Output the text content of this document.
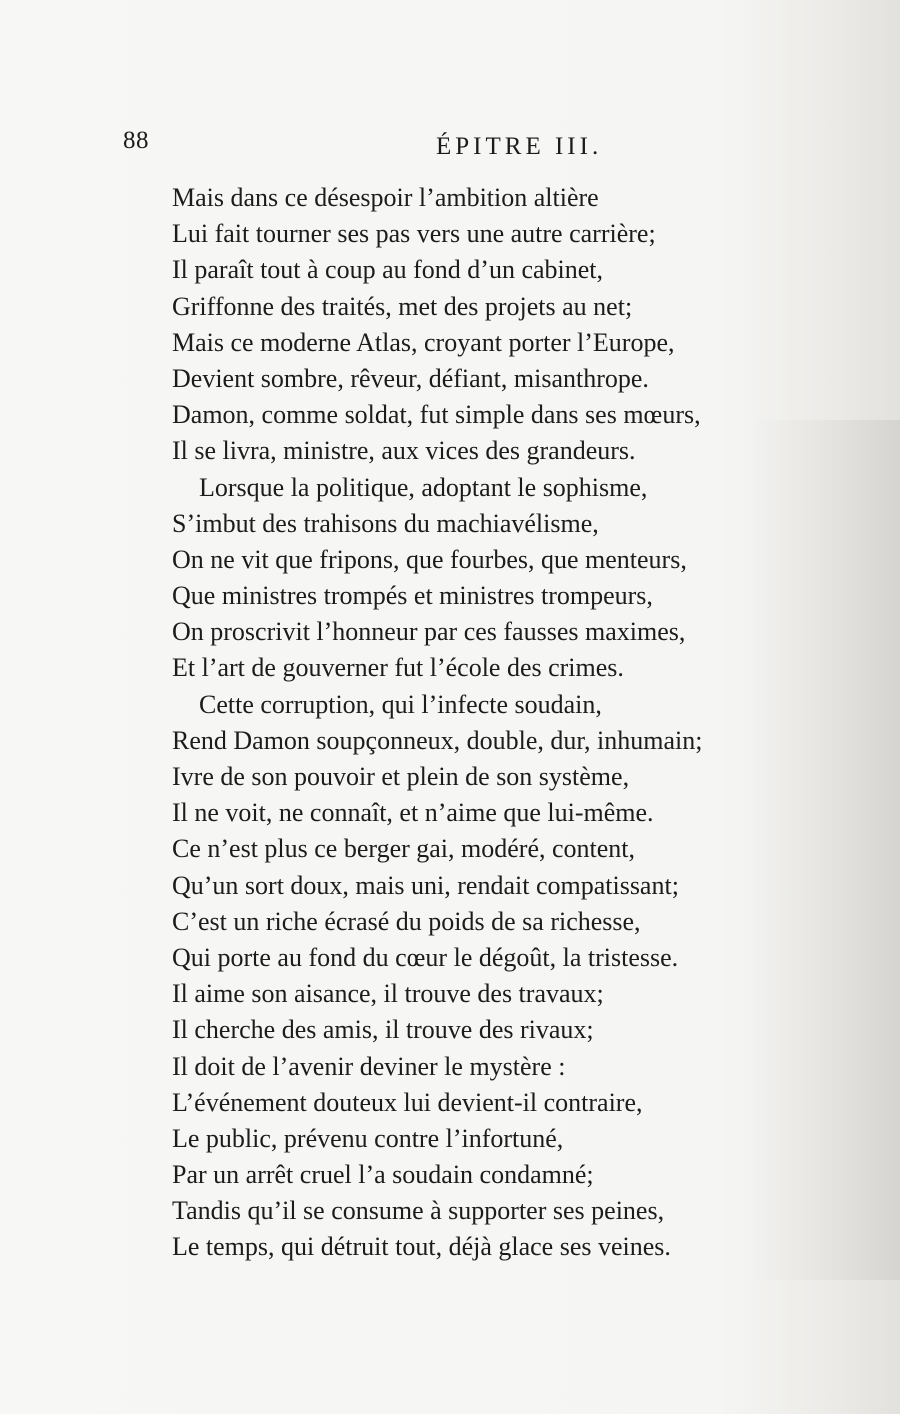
88	ÉPITRE III.
Mais dans ce désespoir l’ambition altière
Lui fait tourner ses pas vers une autre carrière;
Il paraît tout à coup au fond d’un cabinet,
Griffonne des traités, met des projets au net;
Mais ce moderne Atlas, croyant porter l’Europe,
Devient sombre, rêveur, défiant, misanthrope.
Damon, comme soldat, fut simple dans ses mœurs,
Il se livra, ministre, aux vices des grandeurs.
Lorsque la politique, adoptant le sophisme,
S’imbut des trahisons du machiavélisme,
On ne vit que fripons, que fourbes, que menteurs,
Que ministres trompés et ministres trompeurs,
On proscrivit l’honneur par ces fausses maximes,
Et l’art de gouverner fut l’école des crimes.
Cette corruption, qui l’infecte soudain,
Rend Damon soupçonneux, double, dur, inhumain;
Ivre de son pouvoir et plein de son système,
Il ne voit, ne connaît, et n’aime que lui-même.
Ce n’est plus ce berger gai, modéré, content,
Qu’un sort doux, mais uni, rendait compatissant;
C’est un riche écrasé du poids de sa richesse,
Qui porte au fond du cœur le dégoût, la tristesse.
Il aime son aisance, il trouve des travaux;
Il cherche des amis, il trouve des rivaux;
Il doit de l’avenir deviner le mystère :
L’événement douteux lui devient-il contraire,
Le public, prévenu contre l’infortuné,
Par un arrêt cruel l’a soudain condamné;
Tandis qu’il se consume à supporter ses peines,
Le temps, qui détruit tout, déjà glace ses veines.
